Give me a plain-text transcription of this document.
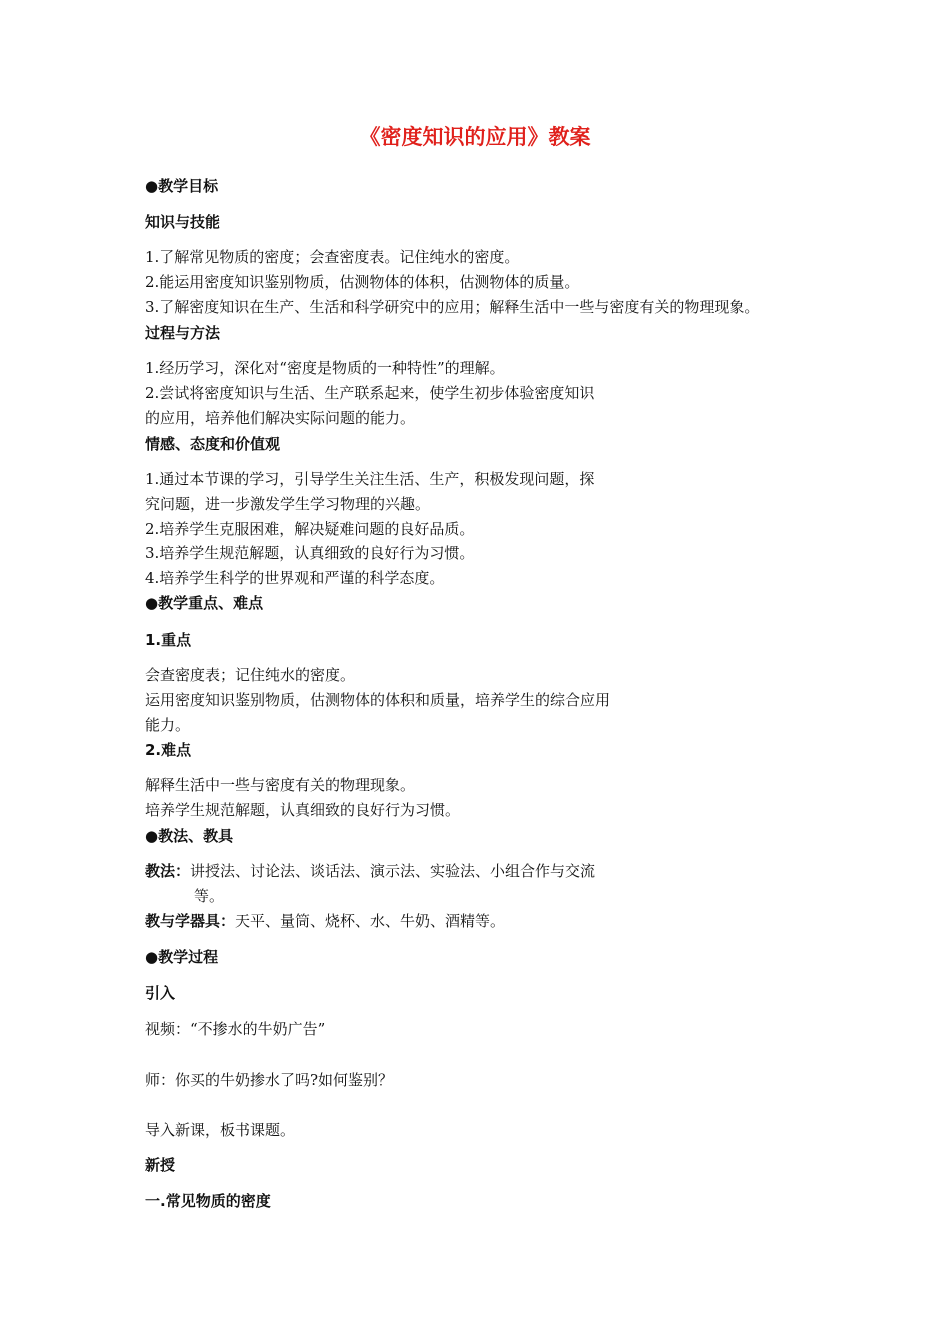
《密度知识的应用》教案
●教学目标
知识与技能
1.了解常见物质的密度；会查密度表。记住纯水的密度。
2.能运用密度知识鉴别物质，估测物体的体积，估测物体的质量。
3.了解密度知识在生产、生活和科学研究中的应用；解释生活中一些与密度有关的物理现象。
过程与方法
1.经历学习，深化对“密度是物质的一种特性”的理解。
2.尝试将密度知识与生活、生产联系起来，使学生初步体验密度知识
的应用，培养他们解决实际问题的能力。
情感、态度和价值观
1.通过本节课的学习，引导学生关注生活、生产，积极发现问题，探
究问题，进一步激发学生学习物理的兴趣。
2.培养学生克服困难，解决疑难问题的良好品质。
3.培养学生规范解题，认真细致的良好行为习惯。
4.培养学生科学的世界观和严谨的科学态度。
●教学重点、难点
1.重点
会查密度表；记住纯水的密度。
运用密度知识鉴别物质，估测物体的体积和质量，培养学生的综合应用
能力。
2.难点
解释生活中一些与密度有关的物理现象。
培养学生规范解题，认真细致的良好行为习惯。
●教法、教具
教法：讲授法、讨论法、谈话法、演示法、实验法、小组合作与交流
等。
教与学器具：天平、量筒、烧杯、水、牛奶、酒精等。
●教学过程
引入
视频：“不掺水的牛奶广告”
师：你买的牛奶掺水了吗?如何鉴别？
导入新课，板书课题。
新授
一.常见物质的密度
